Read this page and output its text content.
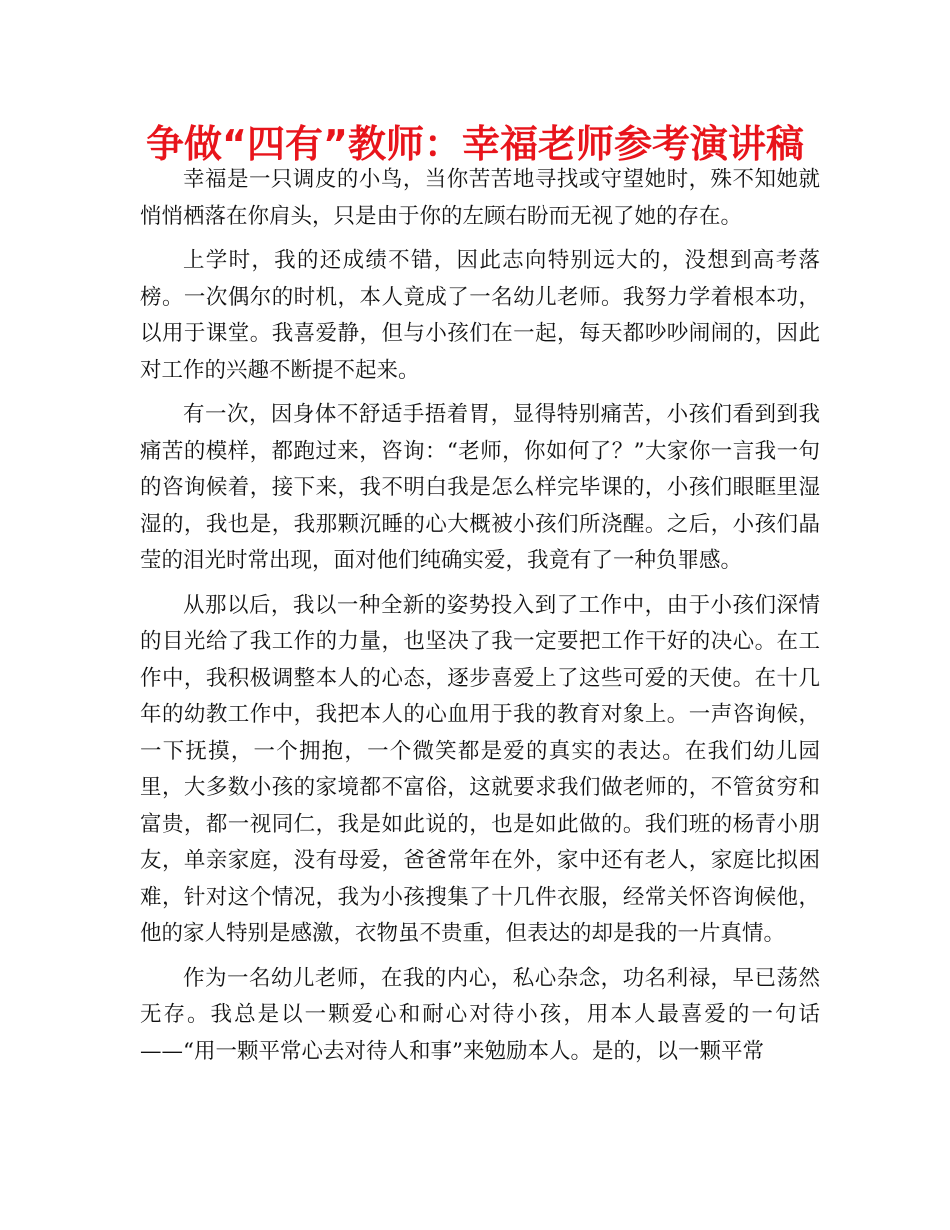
争做“四有”教师：幸福老师参考演讲稿

幸福是一只调皮的小鸟，当你苦苦地寻找或守望她时，殊不知她就悄悄栖落在你肩头，只是由于你的左顾右盼而无视了她的存在。

上学时，我的还成绩不错，因此志向特别远大的，没想到高考落榜。一次偶尔的时机，本人竟成了一名幼儿老师。我努力学着根本功，以用于课堂。我喜爱静，但与小孩们在一起，每天都吵吵闹闹的，因此对工作的兴趣不断提不起来。

有一次，因身体不舒适手捂着胃，显得特别痛苦，小孩们看到到我痛苦的模样，都跑过来，咨询：“老师，你如何了？”大家你一言我一句的咨询候着，接下来，我不明白我是怎么样完毕课的，小孩们眼眶里湿湿的，我也是，我那颗沉睡的心大概被小孩们所浇醒。之后，小孩们晶莹的泪光时常出现，面对他们纯确实爱，我竟有了一种负罪感。

从那以后，我以一种全新的姿势投入到了工作中，由于小孩们深情的目光给了我工作的力量，也坚决了我一定要把工作干好的决心。在工作中，我积极调整本人的心态，逐步喜爱上了这些可爱的天使。在十几年的幼教工作中，我把本人的心血用于我的教育对象上。一声咨询候，一下抚摸，一个拥抱，一个微笑都是爱的真实的表达。在我们幼儿园里，大多数小孩的家境都不富俗，这就要求我们做老师的，不管贫穷和富贵，都一视同仁，我是如此说的，也是如此做的。我们班的杨青小朋友，单亲家庭，没有母爱，爸爸常年在外，家中还有老人，家庭比拟困难，针对这个情况，我为小孩搜集了十几件衣服，经常关怀咨询候他，他的家人特别是感激，衣物虽不贵重，但表达的却是我的一片真情。

作为一名幼儿老师，在我的内心，私心杂念，功名利禄，早已荡然无存。我总是以一颗爱心和耐心对待小孩，用本人最喜爱的一句话——“用一颗平常心去对待人和事”来勉励本人。是的，以一颗平常
